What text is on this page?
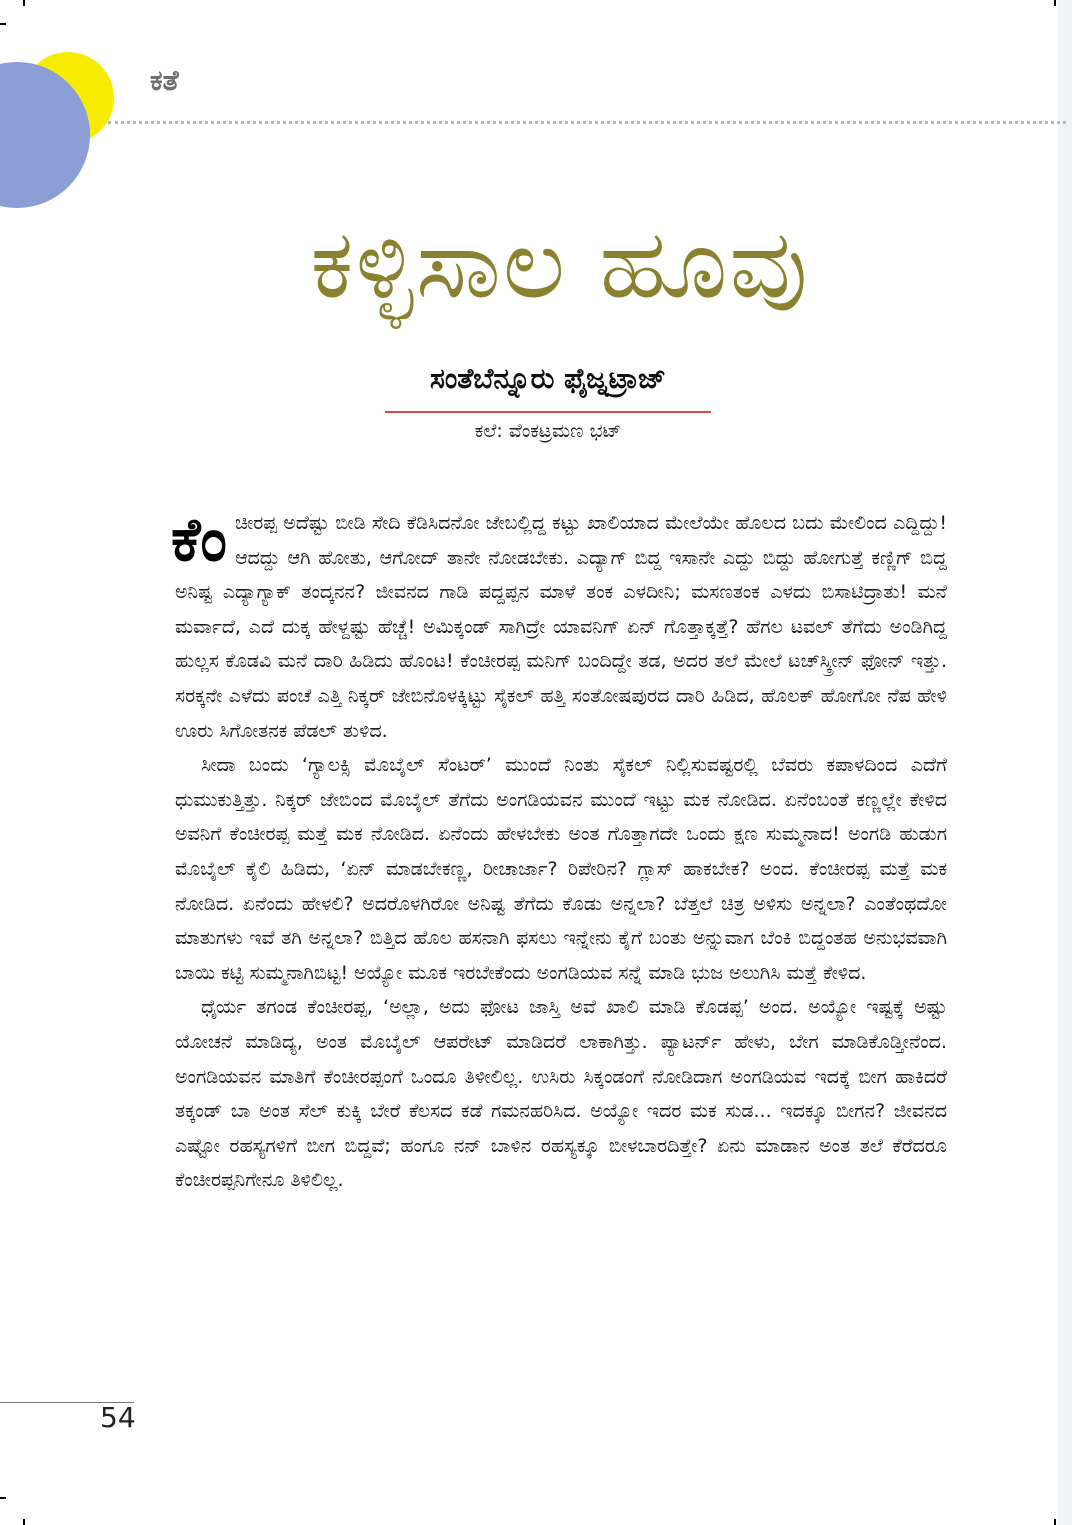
ಕತೆ
ಕಳ್ಳಿಸಾಲ ಹೂವು
ಸಂತೆಬೆನ್ನೂರು ಫೈಜ್ನಟ್ರಾಜ್
ಕಲೆ: ವೆಂಕಟ್ರಮಣ ಭಟ್

ಕೆಂ ಚೀರಪ್ಪ ಅದೆಷ್ಟು ಬೀಡಿ ಸೇದಿ ಕೆಡಿಸಿದನೋ ಜೇಬಲ್ಲಿದ್ದ ಕಟ್ಟು ಖಾಲಿಯಾದ ಮೇಲೆಯೇ ಹೊಲದ ಬದು ಮೇಲಿಂದ ಎದ್ದಿದ್ದು! ಆದದ್ದು ಆಗಿ ಹೋತು, ಆಗೋದ್ ತಾನೇ ನೋಡಬೇಕು. ಎದ್ಯಾಗ್ ಬಿದ್ದ ಇಸಾನೇ ಎದ್ದು ಬಿದ್ದು ಹೋಗುತ್ತೆ ಕಣ್ಣಿಗ್ ಬಿದ್ದ ಅನಿಷ್ಟ ಎದ್ಯಾಗ್ಯಾಕ್ ತಂದ್ಕನನ? ಜೀವನದ ಗಾಡಿ ಪದ್ದಪ್ಪನ ಮಾಳೆ ತಂಕ ಎಳದೀನಿ; ಮಸಣತಂಕ ಎಳದು ಬಿಸಾಟಿದ್ರಾತು! ಮನೆ ಮರ್ವಾದೆ, ಎದೆ ದುಕ್ಕ ಹೇಳ್ದಷ್ಟು ಹೆಚ್ಚೆ! ಅಮಿಕ್ಕಂಡ್ ಸಾಗಿದ್ರೇ ಯಾವನಿಗ್ ಏನ್ ಗೊತ್ತಾಕ್ಕತ್ತೆ? ಹೆಗಲ ಟವಲ್ ತೆಗೆದು ಅಂಡಿಗಿದ್ದ ಹುಲ್ಲಸ ಕೊಡವಿ ಮನೆ ದಾರಿ ಹಿಡಿದು ಹೊಂಟ! ಕೆಂಚೀರಪ್ಪ ಮನಿಗ್ ಬಂದಿದ್ದೇ ತಡ, ಅದರ ತಲೆ ಮೇಲೆ ಟಚ್‌ಸ್ಕ್ರೀನ್ ಫೋನ್ ಇತ್ತು. ಸರಕ್ಕನೇ ಎಳೆದು ಪಂಚೆ ಎತ್ತಿ ನಿಕ್ಕರ್ ಜೇಬಿನೊಳಕ್ಕಿಟ್ಟು ಸೈಕಲ್ ಹತ್ತಿ ಸಂತೋಷಪುರದ ದಾರಿ ಹಿಡಿದ, ಹೊಲಕ್ ಹೋಗೋ ನೆಪ ಹೇಳಿ ಊರು ಸಿಗೋತನಕ ಪೆಡಲ್ ತುಳಿದ.

ಸೀದಾ ಬಂದು ‘ಗ್ಯಾಲಕ್ಸಿ ಮೊಬೈಲ್ ಸೆಂಟರ್’ ಮುಂದೆ ನಿಂತು ಸೈಕಲ್ ನಿಲ್ಲಿಸುವಷ್ಟರಲ್ಲಿ ಬೆವರು ಕಪಾಳದಿಂದ ಎದೆಗೆ ಧುಮುಕುತ್ತಿತ್ತು. ನಿಕ್ಕರ್ ಜೇಬಿಂದ ಮೊಬೈಲ್ ತೆಗೆದು ಅಂಗಡಿಯವನ ಮುಂದೆ ಇಟ್ಟು ಮಕ ನೋಡಿದ. ಏನೆಂಬಂತೆ ಕಣ್ಣಲ್ಲೇ ಕೇಳಿದ ಅವನಿಗೆ ಕೆಂಚೀರಪ್ಪ ಮತ್ತೆ ಮಕ ನೋಡಿದ. ಏನೆಂದು ಹೇಳಬೇಕು ಅಂತ ಗೊತ್ತಾಗದೇ ಒಂದು ಕ್ಷಣ ಸುಮ್ಮನಾದ! ಅಂಗಡಿ ಹುಡುಗ ಮೊಬೈಲ್ ಕೈಲಿ ಹಿಡಿದು, ‘ಏನ್ ಮಾಡಬೇಕಣ್ಣ, ರೀಚಾರ್ಜಾ? ರಿಪೇರಿನ? ಗ್ಲಾಸ್ ಹಾಕಬೇಕ? ಅಂದ. ಕೆಂಚೀರಪ್ಪ ಮತ್ತೆ ಮಕ ನೋಡಿದ. ಏನೆಂದು ಹೇಳಲಿ? ಅದರೊಳಗಿರೋ ಅನಿಷ್ಟ ತೆಗೆದು ಕೊಡು ಅನ್ನಲಾ? ಬೆತ್ತಲೆ ಚಿತ್ರ ಅಳಿಸು ಅನ್ನಲಾ? ಎಂತೆಂಥದೋ ಮಾತುಗಳು ಇವೆ ತಗಿ ಅನ್ನಲಾ? ಬಿತ್ತಿದ ಹೊಲ ಹಸನಾಗಿ ಫಸಲು ಇನ್ನೇನು ಕೈಗೆ ಬಂತು ಅನ್ನುವಾಗ ಬೆಂಕಿ ಬಿದ್ದಂತಹ ಅನುಭವವಾಗಿ ಬಾಯಿ ಕಟ್ಟಿ ಸುಮ್ಮನಾಗಿಬಿಟ್ಟ! ಅಯ್ಯೋ ಮೂಕ ಇರಬೇಕೆಂದು ಅಂಗಡಿಯವ ಸನ್ನೆ ಮಾಡಿ ಭುಜ ಅಲುಗಿಸಿ ಮತ್ತೆ ಕೇಳಿದ.

ಧೈರ್ಯ ತಗಂಡ ಕೆಂಚೀರಪ್ಪ, ‘ಅಲ್ಲಾ, ಅದು ಫೋಟ ಜಾಸ್ತಿ ಅವೆ ಖಾಲಿ ಮಾಡಿ ಕೊಡಪ್ಪ’ ಅಂದ. ಅಯ್ಯೋ ಇಷ್ಟಕ್ಕೆ ಅಷ್ಟು ಯೋಚನೆ ಮಾಡಿದ್ಯ, ಅಂತ ಮೊಬೈಲ್ ಆಪರೇಟ್ ಮಾಡಿದರೆ ಲಾಕಾಗಿತ್ತು. ಪ್ಯಾಟರ್ನ್ ಹೇಳು, ಬೇಗ ಮಾಡಿಕೊಡ್ತೀನೆಂದ. ಅಂಗಡಿಯವನ ಮಾತಿಗೆ ಕೆಂಚೀರಪ್ಪಂಗೆ ಒಂದೂ ತಿಳೀಲಿಲ್ಲ. ಉಸಿರು ಸಿಕ್ಕಂಡಂಗೆ ನೋಡಿದಾಗ ಅಂಗಡಿಯವ ಇದಕ್ಕೆ ಬೀಗ ಹಾಕಿದರೆ ತಕ್ಕಂಡ್ ಬಾ ಅಂತ ಸೆಲ್ ಕುಕ್ಕಿ ಬೇರೆ ಕೆಲಸದ ಕಡೆ ಗಮನಹರಿಸಿದ. ಅಯ್ಯೋ ಇದರ ಮಕ ಸುಡ... ಇದಕ್ಕೂ ಬೀಗನ? ಜೀವನದ ಎಷ್ಟೋ ರಹಸ್ಯಗಳಿಗೆ ಬೀಗ ಬಿದ್ದವೆ; ಹಂಗೂ ನನ್ ಬಾಳಿನ ರಹಸ್ಯಕ್ಕೂ ಬೀಳಬಾರದಿತ್ತೇ? ಏನು ಮಾಡಾನ ಅಂತ ತಲೆ ಕೆರೆದರೂ ಕೆಂಚೀರಪ್ಪನಿಗೇನೂ ತಿಳಿಲಿಲ್ಲ.

54
